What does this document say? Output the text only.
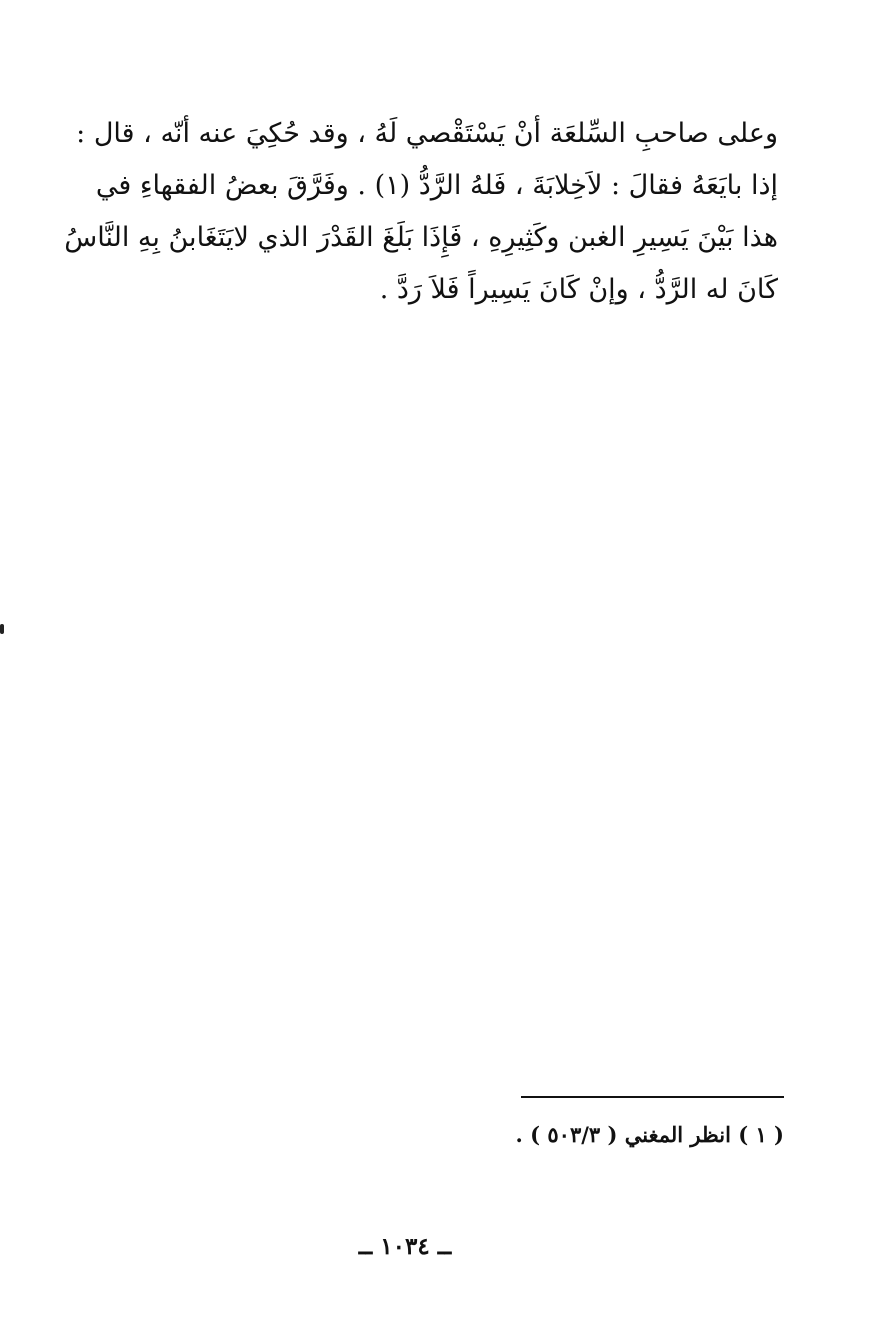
وعلى صاحبِ السِّلعَة أنْ يَسْتَقْصي لَهُ ، وقد حُكِيَ عنه أنّه ، قال :
إذا بايَعَهُ فقالَ : لاَخِلابَةَ ، فَلهُ الرَّدُّ (١) . وفَرَّقَ بعضُ الفقهاءِ في
هذا بَيْنَ يَسِيرِ الغبن وكَثِيرِهِ ، فَإِذَا بَلَغَ القَدْرَ الذي لايَتَغَابنُ بِهِ النَّاسُ
كَانَ له الرَّدُّ ، وإنْ كَانَ يَسِيراً فَلاَ رَدَّ .
( ١ ) انظر المغني ( ٥٠٣/٣ ) .
ــ ١٠٣٤ ــ
